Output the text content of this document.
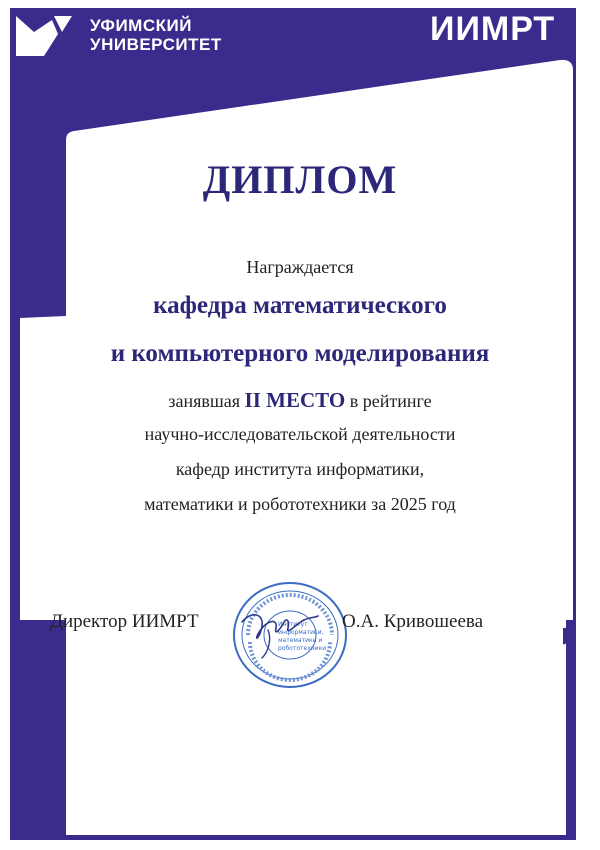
УФИМСКИЙ
УНИВЕРСИТЕТ	ИИМРТ
ДИПЛОМ
Награждается
кафедра математического
и компьютерного моделирования
занявшая II МЕСТО в рейтинге
научно-исследовательской деятельности
кафедр института информатики,
математики и робототехники за 2025 год
Директор ИИМРТ	Институт
информатики,
математики и
робототехники
О.А. Кривошеева
